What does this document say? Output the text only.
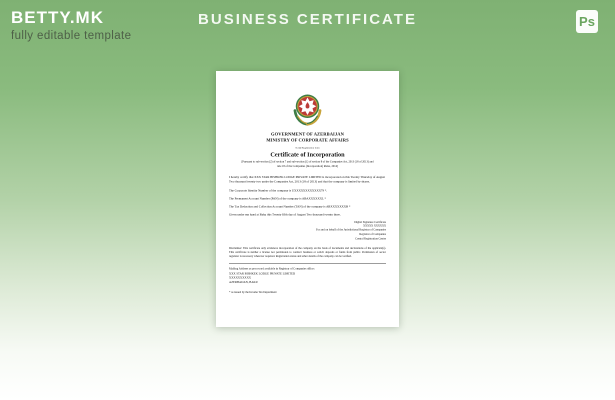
BETTY.MK
fully editable template
BUSINESS CERTIFICATE	Ps
GOVERNMENT OF AZERBAIJAN
MINISTRY OF CORPORATE AFFAIRS
Serial/Registration form
Certificate of Incorporation
[Pursuant to sub-section (2) of section 7 and sub-section (1) of section 8 of the Companies Act, 2013 (18 of 2013) and
rule 18 of the Companies (Incorporation) Rules, 2014]
I hereby certify that XXX STAR BISHKEK LODGE PRIVATE LIMITED is incorporated on this Twenty Thursday of August Two thousand twenty two under the Companies Act, 2013 (18 of 2013) and that the company is limited by shares.
The Corporate Identity Number of the company is UXXXXXXXXXXXX79 *.
The Permanent Account Number (PAN) of the company is ABAXXXXXXL *
The Tax Deduction and Collection Account Number (TAN) of the company is ABXXXXXXXB *
Given under my hand at Baku this Twenty fifth day of August Two thousand twenty three.
Digital Signature Certificate
XXXXX XXXXXX
For and on behalf of the Jurisdictional Registrar of Companies
Registrar of Companies
Central Registration Centre
Disclaimer: This certificate only evidences incorporation of the company on the basis of documents and declarations of the applicant(s). This certificate is neither a license nor permission to conduct business or solicit deposits or funds from public. Permission of sector regulator is necessary wherever required. Registration status and other details of the company can be verified.
Mailing Address as per record available in Registrar of Companies office:
XXX STAR BISHKEK LODGE PRIVATE LIMITED
XXXXXXXXXX
AZERBAIJAN, BAKU
* as issued by the Income Tax Department
